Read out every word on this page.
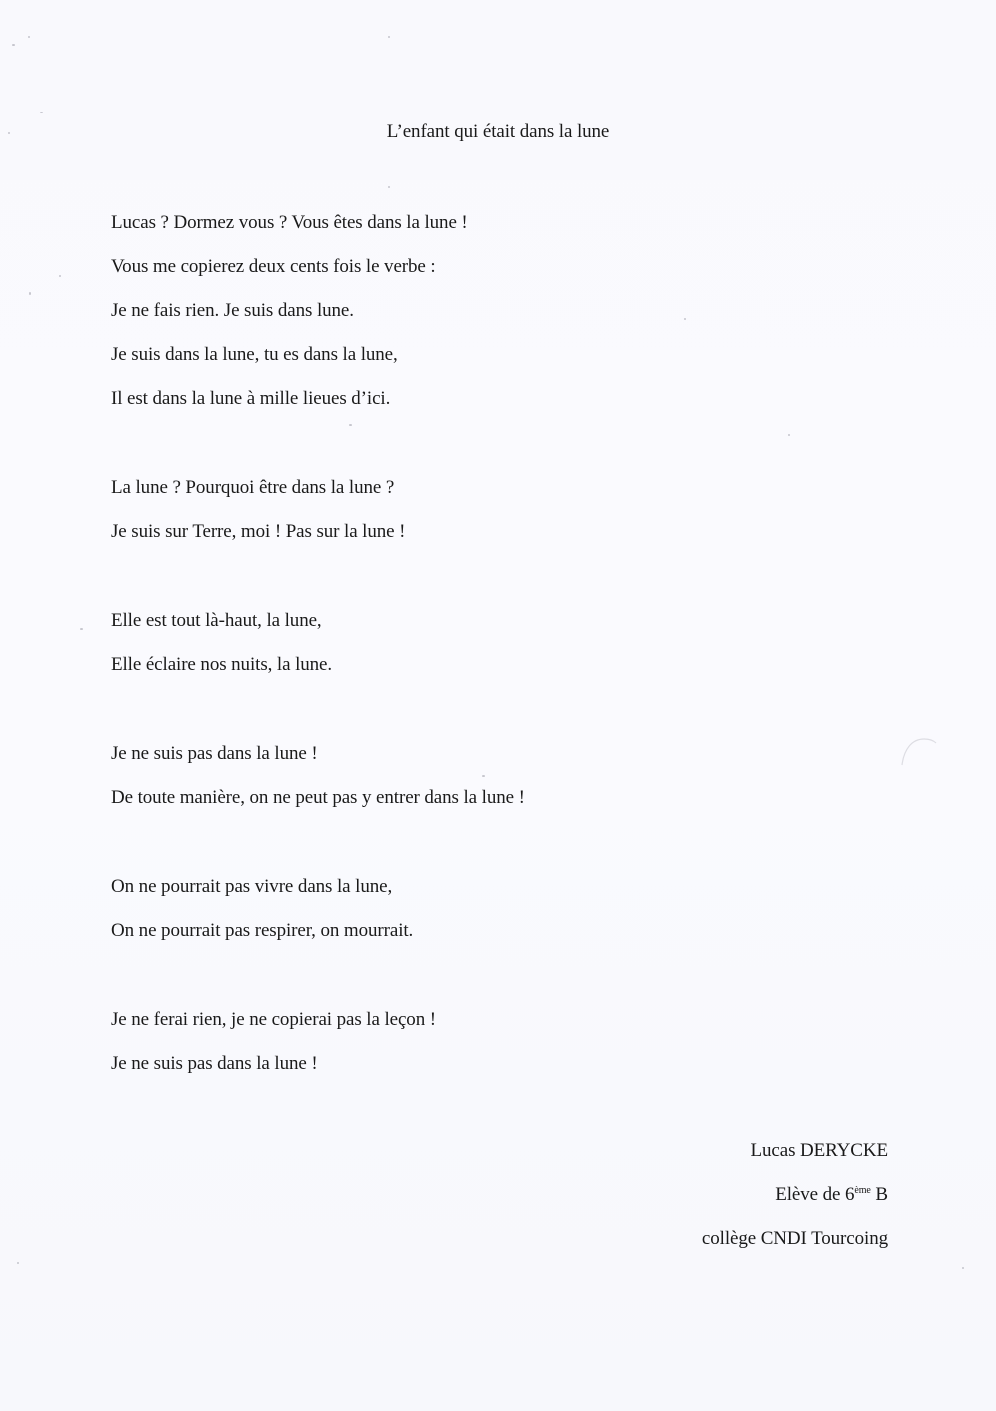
L’enfant qui était dans la lune
Lucas ? Dormez vous ? Vous êtes dans la lune !
Vous me copierez deux cents fois le verbe :
Je ne fais rien. Je suis dans lune.
Je suis dans la lune, tu es dans la lune,
Il est dans la lune à mille lieues d’ici.
La lune ? Pourquoi être dans la lune ?
Je suis sur Terre, moi ! Pas sur la lune !
Elle est tout là-haut, la lune,
Elle éclaire nos nuits, la lune.
Je ne suis pas dans la lune !
De toute manière, on ne peut pas y entrer dans la lune !
On ne pourrait pas vivre dans la lune,
On ne pourrait pas respirer, on mourrait.
Je ne ferai rien, je ne copierai pas la leçon !
Je ne suis pas dans la lune !
Lucas DERYCKE
Elève de 6ème B
collège CNDI Tourcoing
